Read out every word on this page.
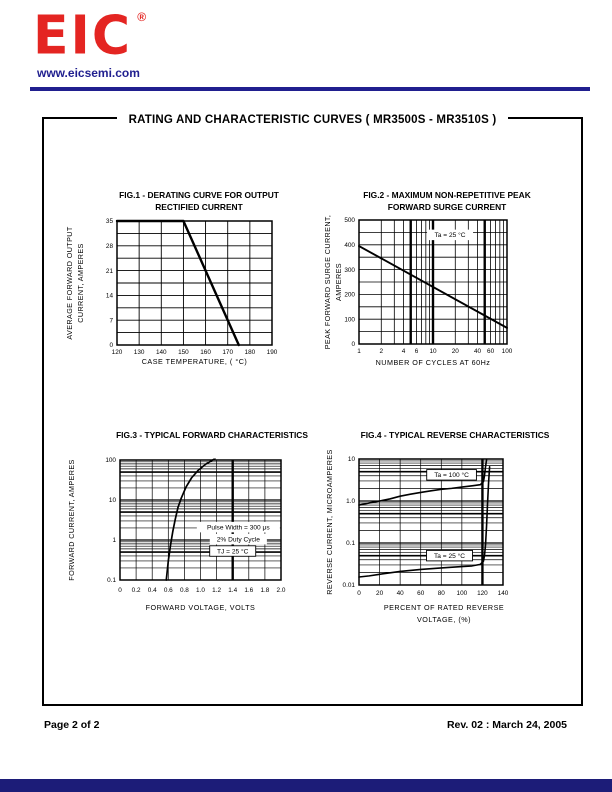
EIC ®
www.eicsemi.com
RATING AND CHARACTERISTIC CURVES ( MR3500S - MR3510S )
120 130 140 150 160 170 180 190
0
7
14
21
28
35
FIG.1 - DERATING CURVE FOR OUTPUT
RECTIFIED CURRENT
AVERAGE FORWARD OUTPUT CURRENT, AMPERES
CASE TEMPERATURE, ( °C)
1	2	4 6 10 20 40 60 100
0
100
200
300
400
500
FIG.2 - MAXIMUM NON-REPETITIVE PEAK
FORWARD SURGE CURRENT
PEAK FORWARD SURGE CURRENT, AMPERES
NUMBER OF CYCLES AT 60Hz
Ta = 25 °C
0 0.2 0.4 0.6 0.8 1.0 1.2 1.4 1.6 1.8 2.0
0.1
1
10
100
FIG.3 - TYPICAL FORWARD CHARACTERISTICS
FORWARD CURRENT, AMPERES
FORWARD VOLTAGE, VOLTS
Pulse Width = 300 μs
2% Duty Cycle
TJ = 25 °C
0 20 40 60 80 100 120 140
0.01
0.1
1.0
10
FIG.4 - TYPICAL REVERSE CHARACTERISTICS
REVERSE CURRENT, MICROAMPERES
PERCENT OF RATED REVERSE
VOLTAGE, (%)
Ta = 100 °C
Ta = 25 °C
Page 2 of 2	Rev. 02 : March 24, 2005
